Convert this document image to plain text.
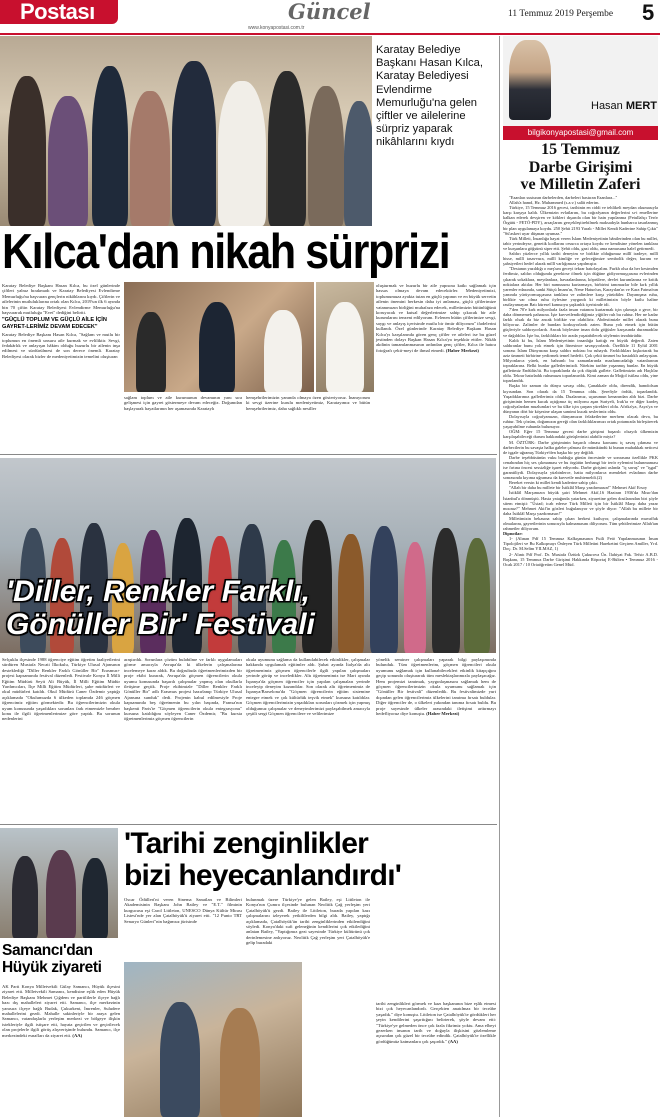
Postası	Güncel
www.konyapostasi.com.tr
11 Temmuz 2019 Perşembe 5
Karatay Belediye Başkanı Hasan Kılca, Karatay Belediyesi Evlendirme Memurluğu'na gelen çiftler ve ailelerine sürpriz yaparak nikâhlarını kıydı
Kılca'dan nikah sürprizi

Karatay Belediye Başkanı Hasan Kılca, bu özel günlerinde çiftleri yalnız bırakmadı ve Karatay Belediyesi Evlendirme Memurluğu'na başvuran gençlerin nikâhlarını kıydı. Çiftlerin ve ailelerinin mutluluklarına ortak olan Kılca, 2019'un ilk 6 ayında bin 70 çiftin Karatay Belediyesi Evlendirme Memurluğu'na başvurarak mutluluğa "Evet" dediğini belirtti.

"GÜÇLÜ TOPLUM VE GÜÇLÜ AİLE İÇİN GAYRET-LERİMİZ DEVAM EDECEK"

Karatay Belediye Başkanı Hasan Kılca, "Sağlam ve mutlu bir toplumun en önemli unsuru aile kurmak ve evliliktir. Sevgi, fedakârlık ve anlayışın hâkim olduğu huzurlu bir ailenin inşa edilmesi ve sürdürülmesi de son derece önemli. Karatay Belediyesi olarak bizler de medeniyetimizin temelini oluşturan

sağlam toplum ve aile kurumunun devamının yanı sıra gelişmesi için gayret göstermeye devam edeceğiz. Doğumdan başlayarak hayatlarının her aşamasında Karataylı
hemşehrilerimizin yanında olmaya özen gösteriyoruz. İnanıyorum ki sevgi üzerine kurulu medeniyetimiz, Karatayımız ve bütün hemşehrilerimiz, daha sağlıklı nesiller
oluşturmak ve huzurlu bir aile yapısına katkı sağlamak için hassas olmaya devam edecektirler. Medeniyetimizi, toplumumuza ayakta tutan en güçlü yapının ve en büyük servetin ailenin önemini herkesin daha iyi anlaması, güçlü çiftlerimize vatanımızın birliğini muhafaza edecek, milletimizin bütünlüğünü koruyacak ve kutsal değerlerimize sahip çıkacak bir aile kurumlarını tenzeni edilyorum. Evlenen bütün çiftlerimize sevgi, saygı ve anlayış içerisinde mutlu bir ömür diliyorum" ifadelerini kullandı. Özel günlerinde Karatay Belediye Başkanı Hasan Kılca'yı karşılarında gören genç çiftler ve aileleri ise bu güzel jestinden dolayı Başkan Hasan Kılca'ya teşekkür ettiler. Nikâh akdinin tamamlanmasının ardından genç çiftler, Kılca ile hatıra fotoğrafı çekti-meyi de ihmal etmedi. (Haber Merkezi)
'Diller, Renkler Farklı,
Gönüller Bir' Festivali
Selçuklu ilçesinde 1988 öğrenciye eğitim öğretim faaliyetlerini sürdüren Mustafa Necati İlkokulu, Türkiye Ulusal Ajansının desteklediği "Diller Renkler Farklı Gönüller Bir" Erasmus+ projesi kapsamında festival düzenledi. Festivale Konya İl Milli Eğitim Müdürü Seyit Ali Büyük, İl Milli Eğitim Müdür Yardımcıları, İlçe Milli Eğitim Müdürleri, şube müdürleri ve okul müdürleri katıldı. Okul Müdürü Caner Özdemir yaptığı açıklamada "Okulumuzda 6 ülkeden toplamda 246 göçmen öğrencimiz eğitim görmektedir. Bu öğrencilerimizin okula uyum konusunda yaşadıkları sorunları fark etmemizle beraber konu ile ilgili öğretmenlerimize göre yaptık. Bu sorunun nedenlerini
araştırdık. Sorunlara çözüm bulabilme ve farklı uygulamaları görme amacıyla Avrupa'da ki ülkelerin çalışmalarına incelemeye karar aldık. Bu doğrultuda öğretmenlerimizden bir proje ekibi kurarak, Avrupa'da göçmen öğrencilerin okula uyumu konusunda başarılı çalışmalar yapmış olan okullarla iletişime geçtik. Proje ekibimizle "Diller Renkler Farklı Gönüller Bir" adlı Erasmus projesi hazırlanıp Türkiye Ulusal Ajansına sunduk" dedi. Projenin kabul edilmesiyle Proje kapsamında beş öğretmenin bu yılın başında, Fransa'nın başkenti Paris'te "Göçmen öğrencilerin okula entegrasyonu" kursuna katıldığını söyleyen Caner Özdemir, "Bu kursta öğretmenlerimiz göçmen öğrencilerin
okula uyumunu sağlama da kullanılabilecek etkinlikler, çalışmalar hakkında uygulamalı eğitimler aldı. Şubat ayında İtalya'da altı öğretmenimiz göçmen öğrencilerle ilgili yapılan çalışmaları yerinde görüp ve inceledikler. Altı öğretmenimiz ise Mart ayında İspanya'da göçmen öğrenciler için yapılan çalışmaları yerinde inceleyip deneyim kazandılar. Son olarak altı öğretmenimiz de İspanya/Barselona'da "Göçmen öğrencilerin eğitim sistemine entegre etmek ve çok kültürlük teşvik etmek" kursuna katıldılar. Göçmen öğrencilerimizin yaşadıkları sorunları çözmek için yapmış olduğumuz çalışmalar ve deneyimlerimizi paylaşabilmek amacıyla çeşitli sergi Göçmen öğrencilere ve velilerimize
yönelik seminer çalışmaları yaparak bilgi paylaşımında bulunduk. Tüm öğretmenlerim, göçmen öğrencileri okula uyumunu sağlamak için kullanabilecekleri etkinlik kitapçığını geçip sonunda oluşturarak tüm meslektaşlarımızla paylaşacağız. Hem projemizi tanıtmak, yaygınlaşmasını sağlamak hem de göçmen öğrencilerimizin okula uyumunu sağlamak için "Gönüller Bir festivali" düzenledik. Bu festivalimizde yurt dışından gelen öğrencilerimiz ülkelerini tanıtma fırsatı buldular. Diğer öğrenciler de, o ülkeleri yakından tanıma fırsatı buldu. Bu proje sayesinde ülkeler arasındaki iletişimi arttırmayı hedefliyoruz diye konuştu. (Haber Merkezi)
Samancı'dan
Hüyük ziyareti
AK Parti Konya Milletvekili Gülay Samancı, Hüyük ilçesini ziyaret etti. Milletvekili Samancı, kendisine eşlik eden Hüyük Belediye Başkanı Mehmet Çiğdem ve partililerle ilçeye bağlı bazı dış mahalleleri ziyaret etti. Samancı, ilçe merkezinin yanısıra ilçeye bağlı Budak, Çukurkent, İmrenler, Suludere mahallelerini gezdi. Mahalle sakinleriyle bir araya gelen Samancı, vatandaşlarla yerleşim merkezi ve bölgeye ilişkin istekleriyle ilgili istişare etti, hayata geçirilen ve geçirilecek olan projelerle ilgili görüş alışverişinde bulundu. Samancı, ilçe merkezindeki esnafları da ziyaret etti. (AA)
'Tarihi zenginlikler
bizi heyecanlandırdı'
Oscar Ödülleri'ni veren Sinema Sanatları ve Bilimleri Akademisinin Başkanı John Bailey ve "E.T." filminin kurgucusu eşi Carol Littleton, UNESCO Dünya Kültür Mirası Listesi'nde yer alan Çatalhöyük'ü ziyaret etti. "12 Punto TRT Senaryo Günleri"nin bağımsız jürisinde
bulunmak üzere Türkiye'ye gelen Bailey, eşi Littleton ile Konya'nın Çumra ilçesinde bulunan Neolitik Çağ yerleşim yeri Çatalhöyük'ü gezdi. Bailey ile Littleton, burada yapılan kazı çalışmalarını izleyerek yetkililerden bilgi aldı. Bailey, yaptığı açıklamada, Çatalhöyük'ün tarihi zenginliklerinden etkilendiğini söyledi. Konya'daki sufi geleneğinin kendilerini çok etkilediğini anlatan Bailey, "Yaptığımız gezi sayesinde Türkiye kültürünü çok derinlemesine anlıyoruz. Neolitik Çağ yerleşim yeri Çatalhöyük'e gelip buradaki
tarihi zenginlikleri görmek ve kazı başkanının bize eşlik etmesi bizi çok heyecanlandırdı. Gerçekten anatılmaz bir tecrübe yaşadık." diye konuştu. Littleton ise Çatalhöyük'te gördükleri her şeyin kendilerini şaşırttığını belirterek, şöyle devam etti: "Türkiye'ye gelmeden önce çok fazla fikrimiz yoktu. Ama elbeyi gezerken insanın tarih ve doğayla ilişkisini gözlemleme açısından çok güzel bir tecrübe edindik. Çatalhöyük'te özellikle gördüğümüz katmanlara çok şaşırdık." (AA)
Hasan MERT
bilgikonyapostasi@gmail.com
15 Temmuz
Darbe Girişimi
ve Milletin Zaferi

"Ezanları susturan darbelerden, darbeleri bastıran Ezanlara..."

Allah'a hamd, Hz. Muhammed (s.a.v.) salât ederim.

Türkiye, 15 Temmuz 2016 gecesi, tarihinin en ciddi ve tehlikeli meydan okumasıyla karşı karşıya kaldı. Ülkemizin evlatlarını, bu coğrafyanın değerlerini sı-i emellerine kalkan ederek devşiren ve kökleri dışarıda olan bir hain yapılanma (Fetullahçı Terör Örgütü - FETÖ-PDY), arsaçlarını gerçekleştirebilmek maksadıyla hunharca tasarlanmış bir plan uygulamaya koydu. 250 Şehit 2193 Yaralı - Millet Kendi Kaderine Sahip Çıktı" "Sü'askeri uyar düşman uyumaz."

Türk Milleti, İnsanlığa hayat veren İslam Medeniyetinin bânilerinden olan bu millet, tabir yerindeyse, genetik kodlarını cesurca ortaya koydu ve kendisine yönelen tanklara ve kurşunlara göğsünü siper etti. Şehit oldu, gazi oldu, ama namusuna halel getirmedi.

Saldırı yüzlerce yıllık tarihi deneyim ve birlikte olduğumuz millî iradeye, millî hisse, millî tasavvura, millî kimliğe ve geleceğimize sembolik değer, kuram ve şahsiyetleri hedef alarak millî varlığımıza yapılmıştır.

"Destanın yazıldığı o meş'um geceyi tekrar hatırlayalım. Furkh olsa da her kesimden ferdimiz, saldırı olduğunda gerekirse ölmek için düğüne gidiyormuşçasına evlerinden çıkarak sokaklara, meydanlara, havaalanlarına, köprülere, devlet kurumlarına ve kritik noktalara aktılar. Her biri namusunu kurtarmaya, birbirini tanımazlar bile kırk yıllık yarenler edasında, sanki Sütçü İmam'ın, Nene Hatun'un, Karayılan'ın ve Kara Fatma'nın yanında yürüyormuşçasına tanklara ve zalimlere karşı yürüdüler. Dayanışma ruhu, birlikte var olma ruhu öylesine yaygındı ki milletimizin böyle kutlu haline rastlayamayan Batı küresel kamuoyu şaşkınlık içerisinde idi.

7'den 70'e kırk milyonlarla fazla insan vatanını kurtarmak için çıkmıştı o gece, bir daha dönmemek pahasına. İşte kuvvetlendirdiğimiz yiğitler ruh bu ruhtur. Her ne kadar farklı olsak da biz ancak birlikte var olabiliriz. Abdestimizle millet olarak bunu biliyoruz. Zalimler de bundan korkuyorlardı zaten. Bunu yok etmek için bütün güçleriyle saldırıyorlardı. Ancak böylesine iman dolu göğüsler karşısında duramadılar ve dağıldılar. İşte bu, farklılıkları bir arada yaşatabilecek söylemin tezahürüdür.

Kaldı ki bu, İslam Medeniyetinin insanlığa kattığı en büyük değerdi. Zaten saldıranlar bunu yok etmek için fitnesince savaşıyorlardı. Özellikle 11 Eylül 2001 sonrası İslam Dünyasına karşı saldırı noktası bu ruhaydı. Farklılıkları kışkırtarak bu aziz ümmeti birbirine yedirmek temel hedefti. Çok çekti ümmet bu hastalıklı anlayıştan. Milyonlarca yürek, en bahranlı bu zamanlarında mazlumcadalığı vatanlarının topraklarına. Belki bunlar gafletlerimizdi. Nitekim tarihte yaşanmış bunlar. En büyük gafletimiz Endülüs'tü. Bu topraklarda da çok düştük gaflete. Gafletimizin adı Haçlılar oldu. Tekrar hatırladık ruhumuzu toparlanırdık. Kimi zaman da Moğol istilası oldu, yine toparlandık.

Başka bir zaman da dünya savaşı oldu, Çanakkale oldu, direndik, hamdolsun kıyısından. Son olarak da 15 Temmuz oldu. Şerefiyle ördük, toparlandık. Yaşadıklarımız gafletlerimiz oldu. Dualarımız, uçurumun kenarından aldı bizi. Darbe girişiminin hemen kucak açtığımız üç milyonu aşan Suriyeli, Irak'ta ve diğer kardeş coğrafyalardan muzlumlari ve bu ülke için çarpan yürekleri oldu. Afrika'ya, Asya'ya ve dünyanın dört bir köşesine ulaşan samimi kucak seslerimiz oldu.

Dolayısıyla coğrafyamızın, dünyamızın felaketlerine merhem olacak deva, bu ruhtur. Tek çözüm, doğamızın gereği olan farklılıklarımızı ortak potamızda birleştirerek yaşayabilme ruhunda bulunuyor.

OĞM: Eğer 15 Temmuz gecesi darbe girişimi başarılı olsaydı ülkemizin karşılaşabileceği durum hakkındaki görüşlerinizi alabilir miyiz?

M. ÖZTÜRK: Darbe girişiminin başarılı olması kaosunu iç savaş çıkması ve darbecilerin bu savaşta halka galebe çalması ile mümkündü ki bunun muhakkak neticesi de işgale uğramış Türkiye'den başka bir şey değildi.

Darbe teşebbüsünün vuku bulduğu günün öncesinde ve sonrasına özellikle PKK cenahından hiç ses çıkmaması ve bu örgütün herhangi bir terör eylemini bulunmaması ise fırtına öncesi sessizliğe işaret ediyordu. Darbe girişimi aslında "iç savaş" ve "işgal" garantiliydi. Dolayısıyla yüzbinlerce, hatta milyonlarca memleket evladının darbe sonrasında kıyıma uğraması da kuvvetle muhtemeldi.(2)

Bereket versin ki millet kendi kaderine sahip çıktı.

"Allah bir daha bu millete bir İstiklâl Marşı yazdırmasın!" Mehmet Akif Ersoy

İstiklâl Marşımızın büyük şairi Mehmet Akif,16 Haziran 1936'da Mısır'dan İstanbul'a dönmüştü. Hasta yatağında yatarken, ziyaretine gelen dostlarından biri şöyle sitem etmişti: "Üstad; icab ederse Türk Milleti için bir İstiklâl Marşı daha yazar mısınız?" Mehmet Akif'in gözleri buğulanıyor ve şöyle diyor: "Allah bu millete bir daha İstiklâl Marşı yazdırmasın!"

Milletimizin bekasına sahip çıkan herkesi kutluyor, çalışmalarında muvaffak olmalarını, gayretlerinin sonucuyla kalmamasını diliyorum. Tüm şehitlerimize Allah'tan rahmetler diliyorum.

Dipnotlar:

1- (Alınan Pdf 15 Temmuz Kalkışmasının Fuili Fetö Yapılanmasının İnsan Tipolojileri ve Bu Kalkışmayı Önleyen Türk Milletini Hareketini Geçiren Amiller, Yrd. Doç. Dr. M.Selim YILMAZ, 1)

2- Alıntı Pdf Prof. Dr. Mustafa Öztürk Çukurova Ün. İlahiyat Fak. Tefsir A.B.D. Başkanı, 15 Temmuz Darbe Girişimi Hakkında Röportaj E-Bülten • Temmuz 2016 - Ocak 2017 / 10 Ortaöğretim Genel Müd.
